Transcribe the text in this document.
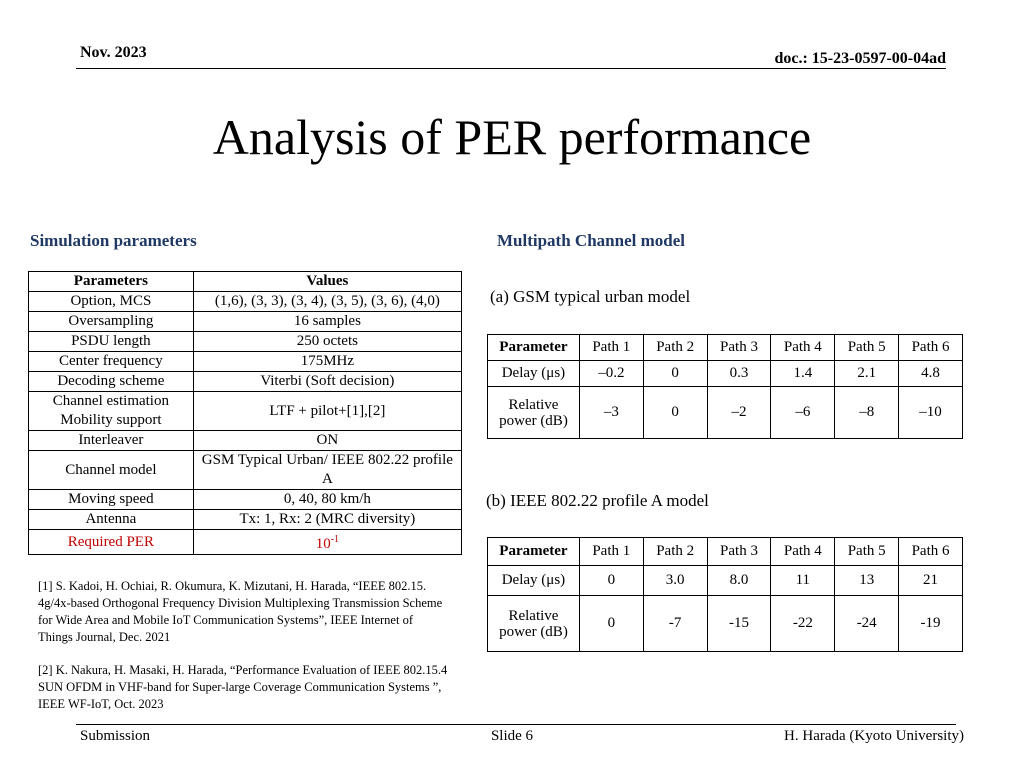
Nov. 2023	doc.: 15-23-0597-00-04ad
Analysis of PER performance
Simulation parameters
Parameters	Values
Option, MCS	(1,6), (3, 3), (3, 4), (3, 5), (3, 6), (4,0)
Oversampling	16 samples
PSDU length	250 octets
Center frequency	175MHz
Decoding scheme	Viterbi (Soft decision)
Channel estimation Mobility support	LTF + pilot+[1],[2]
Interleaver	ON
Channel model	GSM Typical Urban/ IEEE 802.22 profile A
Moving speed	0, 40, 80 km/h
Antenna	Tx: 1, Rx: 2 (MRC diversity)
Required PER	$10^{-1}$
[1] S. Kadoi, H. Ochiai, R. Okumura, K. Mizutani, H. Harada, “IEEE 802.15. 4g/4x-based Orthogonal Frequency Division Multiplexing Transmission Scheme for Wide Area and Mobile IoT Communication Systems”, IEEE Internet of Things Journal, Dec. 2021
[2] K. Nakura, H. Masaki, H. Harada, “Performance Evaluation of IEEE 802.15.4 SUN OFDM in VHF-band for Super-large Coverage Communication Systems ”, IEEE WF-IoT, Oct. 2023
Multipath Channel model
(a) GSM typical urban model
Parameter	Path 1	Path 2	Path 3	Path 4	Path 5	Path 6
Delay (μs)	–0.2	0	0.3	1.4	2.1	4.8
Relative power (dB)	–3	0	–2	–6	–8	–10
(b) IEEE 802.22 profile A model
Parameter	Path 1	Path 2	Path 3	Path 4	Path 5	Path 6
Delay (μs)	0	3.0	8.0	11	13	21
Relative power (dB)	0	-7	-15	-22	-24	-19
Submission	Slide 6	H. Harada (Kyoto University)
